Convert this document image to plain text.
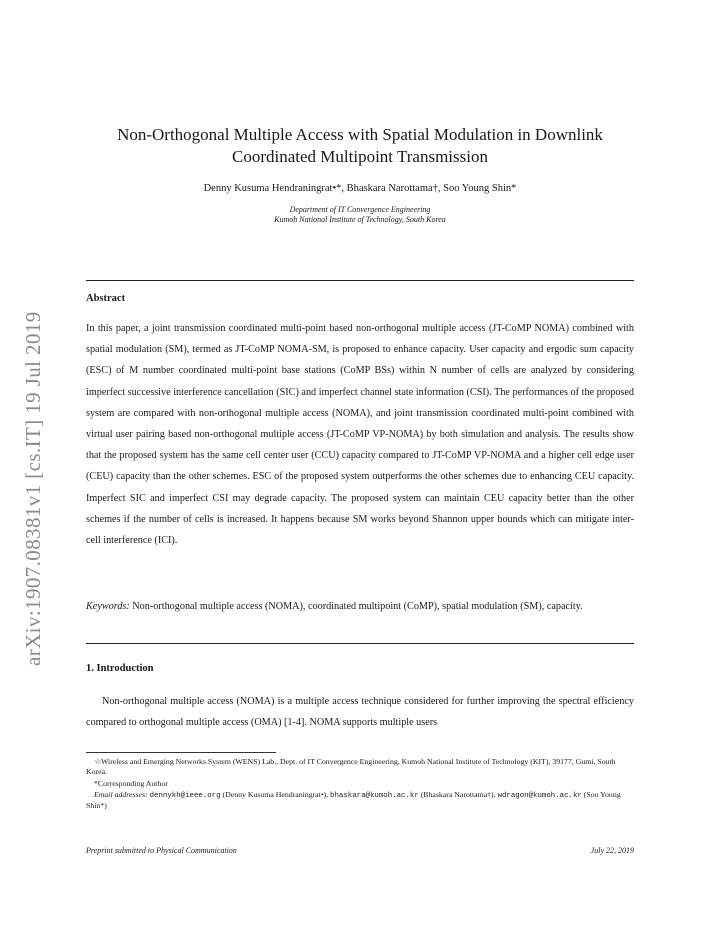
arXiv:1907.08381v1 [cs.IT] 19 Jul 2019
Non-Orthogonal Multiple Access with Spatial Modulation in Downlink
Coordinated Multipoint Transmission
Denny Kusuma Hendraningrat•*, Bhaskara Narottama†, Soo Young Shin*
Department of IT Convergence Engineering
Kumoh National Institute of Technology, South Korea
Abstract
In this paper, a joint transmission coordinated multi-point based non-orthogonal multiple access (JT-CoMP NOMA) combined with spatial modulation (SM), termed as JT-CoMP NOMA-SM, is proposed to enhance capacity. User capacity and ergodic sum capacity (ESC) of M number coordinated multi-point base stations (CoMP BSs) within N number of cells are analyzed by considering imperfect successive interference cancellation (SIC) and imperfect channel state information (CSI). The performances of the proposed system are compared with non-orthogonal multiple access (NOMA), and joint transmission coordinated multi-point combined with virtual user pairing based non-orthogonal multiple access (JT-CoMP VP-NOMA) by both simulation and analysis. The results show that the proposed system has the same cell center user (CCU) capacity compared to JT-CoMP VP-NOMA and a higher cell edge user (CEU) capacity than the other schemes. ESC of the proposed system outperforms the other schemes due to enhancing CEU capacity. Imperfect SIC and imperfect CSI may degrade capacity. The proposed system can maintain CEU capacity better than the other schemes if the number of cells is increased. It happens because SM works beyond Shannon upper bounds which can mitigate inter-cell interference (ICI).
Keywords: Non-orthogonal multiple access (NOMA), coordinated multipoint (CoMP), spatial modulation (SM), capacity.
1. Introduction
Non-orthogonal multiple access (NOMA) is a multiple access technique considered for further improving the spectral efficiency compared to orthogonal multiple access (OMA) [1-4]. NOMA supports multiple users
☆Wireless and Emerging Networks System (WENS) Lab., Dept. of IT Convergence Engineering, Kumoh National Institute of Technology (KIT), 39177, Gumi, South Korea.
*Corresponding Author
Email addresses: dennykh@ieee.org (Denny Kusuma Hendraningrat•), bhaskara@kumoh.ac.kr (Bhaskara Narottama†), wdragon@kumoh.ac.kr (Soo Young Shin*)
Preprint submitted to Physical Communication	July 22, 2019
